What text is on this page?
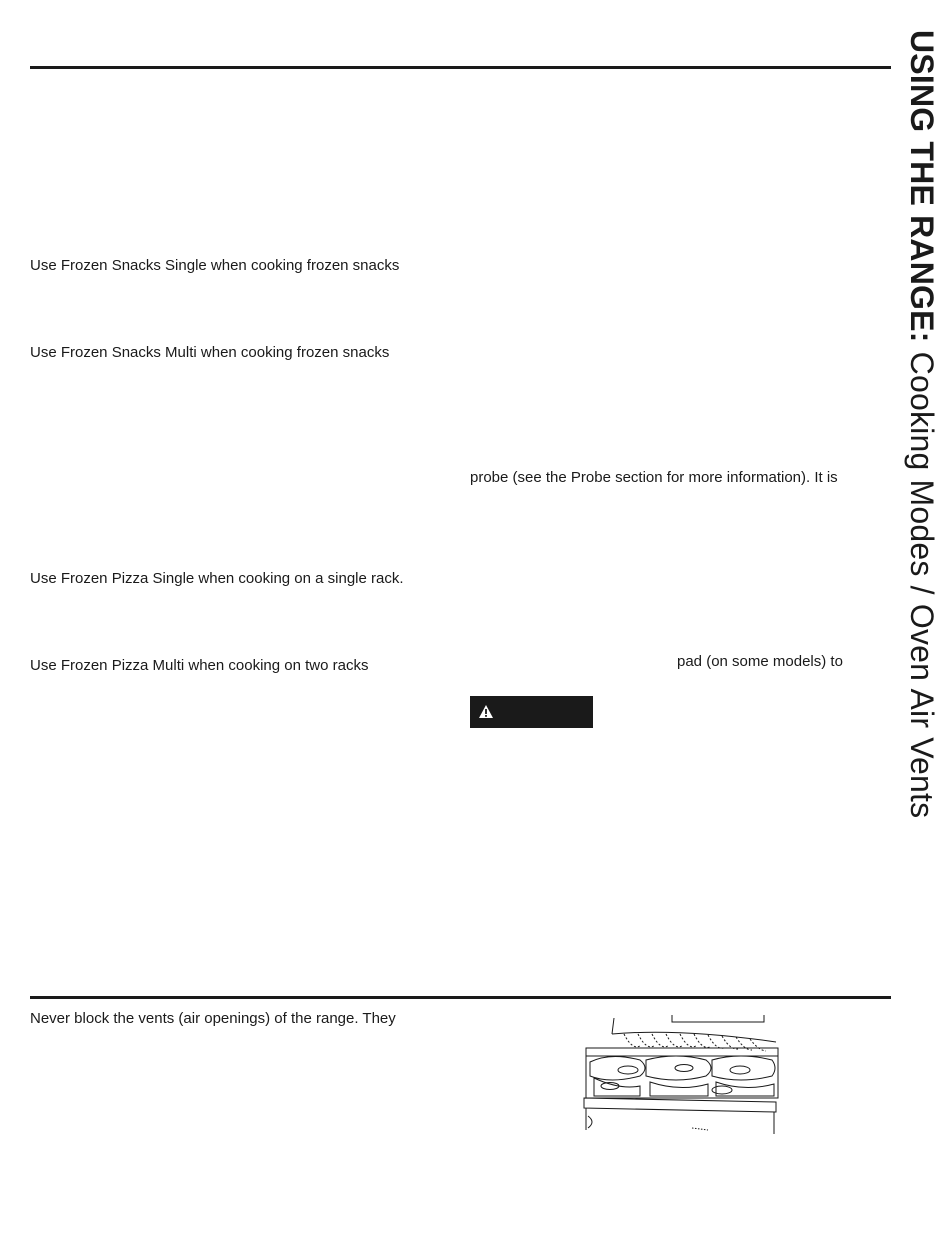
Use Frozen Snacks Single when cooking frozen snacks
Use Frozen Snacks Multi when cooking frozen snacks
Use Frozen Pizza Single when cooking on a single rack.
Use Frozen Pizza Multi when cooking on two racks
probe (see the Probe section for more information). It is
pad (on some models) to
Never block the vents (air openings) of the range. They
USING THE RANGE: Cooking Modes / Oven Air Vents
